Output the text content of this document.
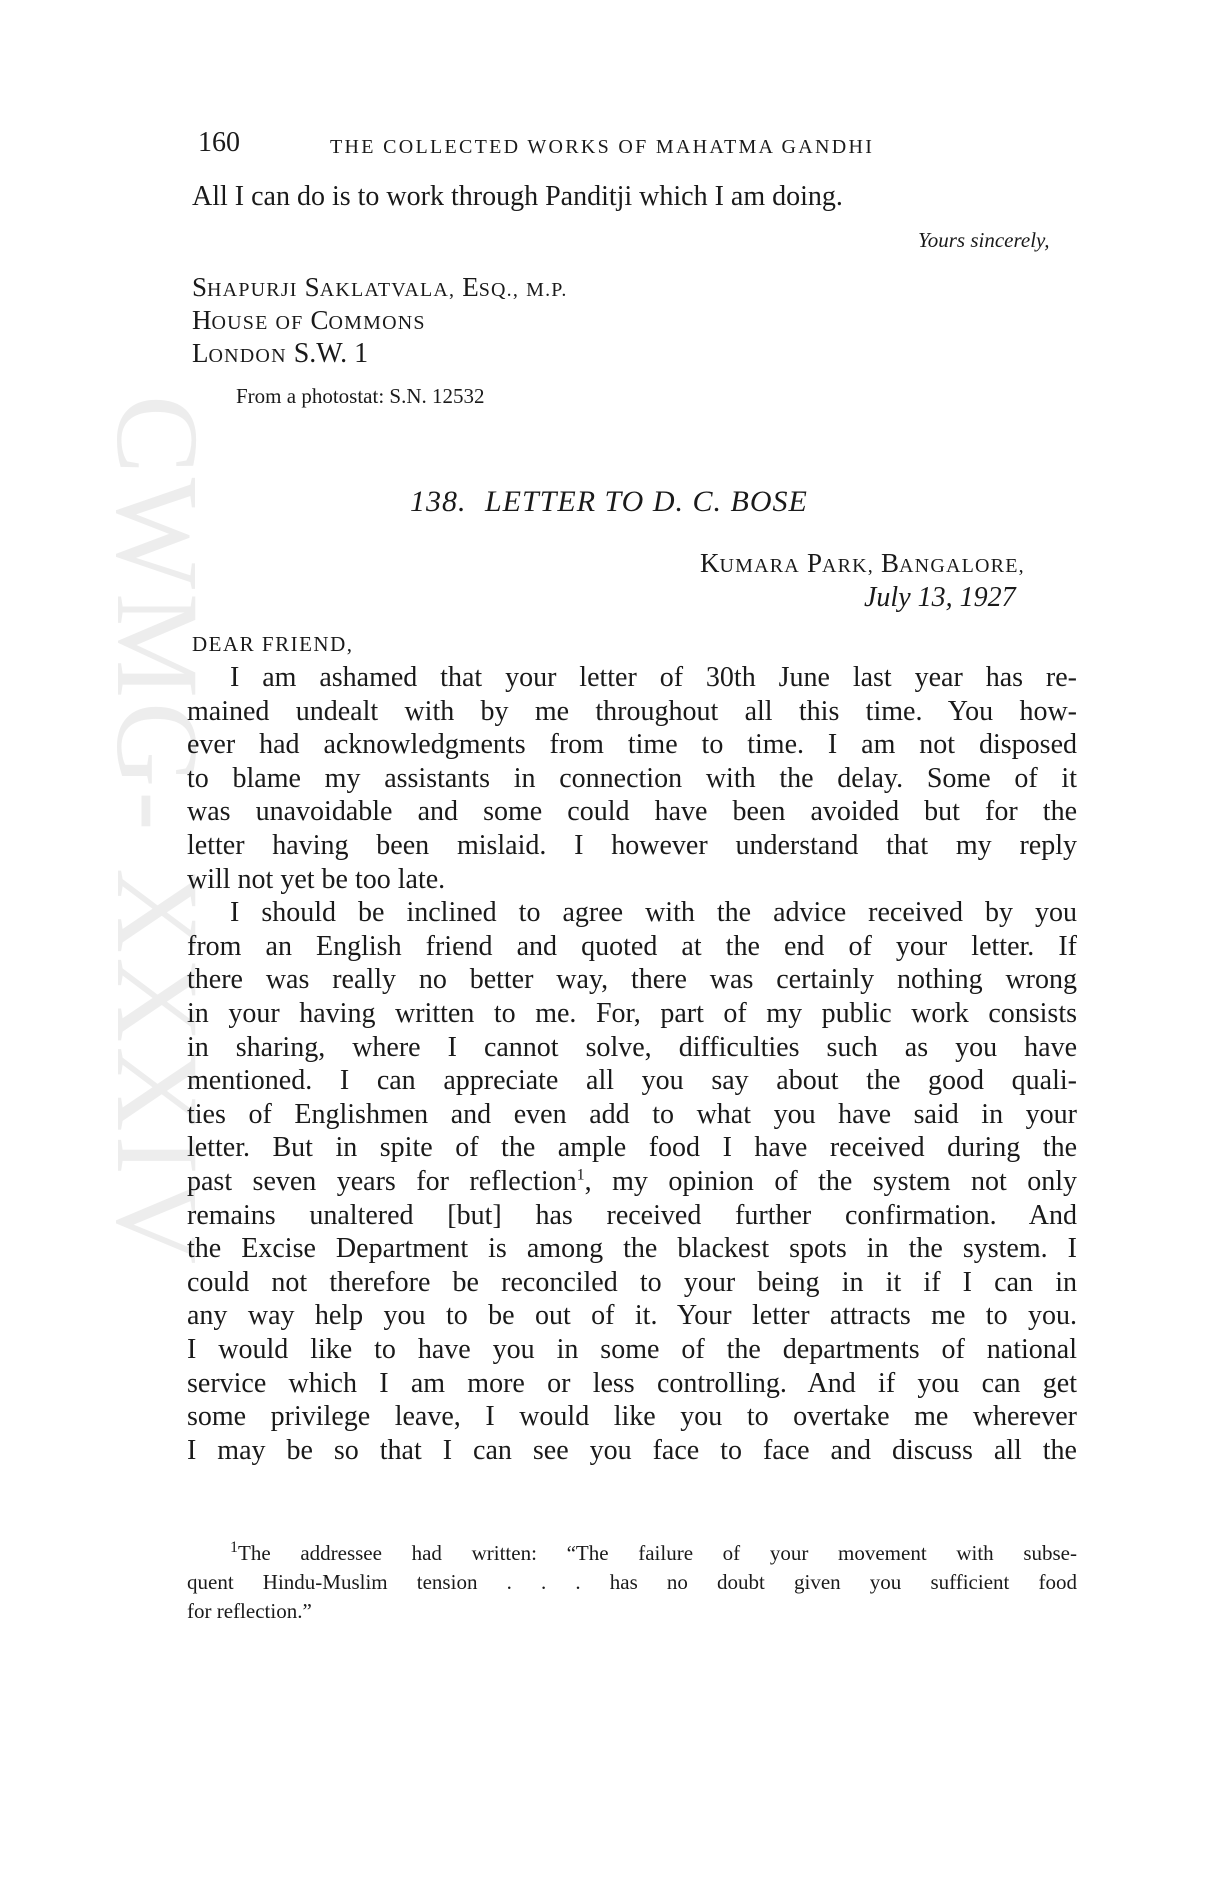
CWMG- XXXIV
160	THE COLLECTED WORKS OF MAHATMA GANDHI
All I can do is to work through Panditji which I am doing.
Yours sincerely,
SHAPURJI SAKLATVALA, ESQ., M.P.
HOUSE OF COMMONS
LONDON S.W. 1
From a photostat: S.N. 12532
138. LETTER TO D. C. BOSE
KUMARA PARK, BANGALORE,
July 13, 1927
DEAR FRIEND,
I am ashamed that your letter of 30th June last year has re-
mained undealt with by me throughout all this time. You how-
ever had acknowledgments from time to time. I am not disposed
to blame my assistants in connection with the delay. Some of it
was unavoidable and some could have been avoided but for the
letter having been mislaid. I however understand that my reply
will not yet be too late.
I should be inclined to agree with the advice received by you
from an English friend and quoted at the end of your letter. If
there was really no better way, there was certainly nothing wrong
in your having written to me. For, part of my public work consists
in sharing, where I cannot solve, difficulties such as you have
mentioned. I can appreciate all you say about the good quali-
ties of Englishmen and even add to what you have said in your
letter. But in spite of the ample food I have received during the
past seven years for reflection$^1$, my opinion of the system not only
remains unaltered [but] has received further confirmation. And
the Excise Department is among the blackest spots in the system. I
could not therefore be reconciled to your being in it if I can in
any way help you to be out of it. Your letter attracts me to you.
I would like to have you in some of the departments of national
service which I am more or less controlling. And if you can get
some privilege leave, I would like you to overtake me wherever
I may be so that I can see you face to face and discuss all the
$^1$The addressee had written: “The failure of your movement with subse-
quent Hindu-Muslim tension . . . has no doubt given you sufficient food
for reflection.”
